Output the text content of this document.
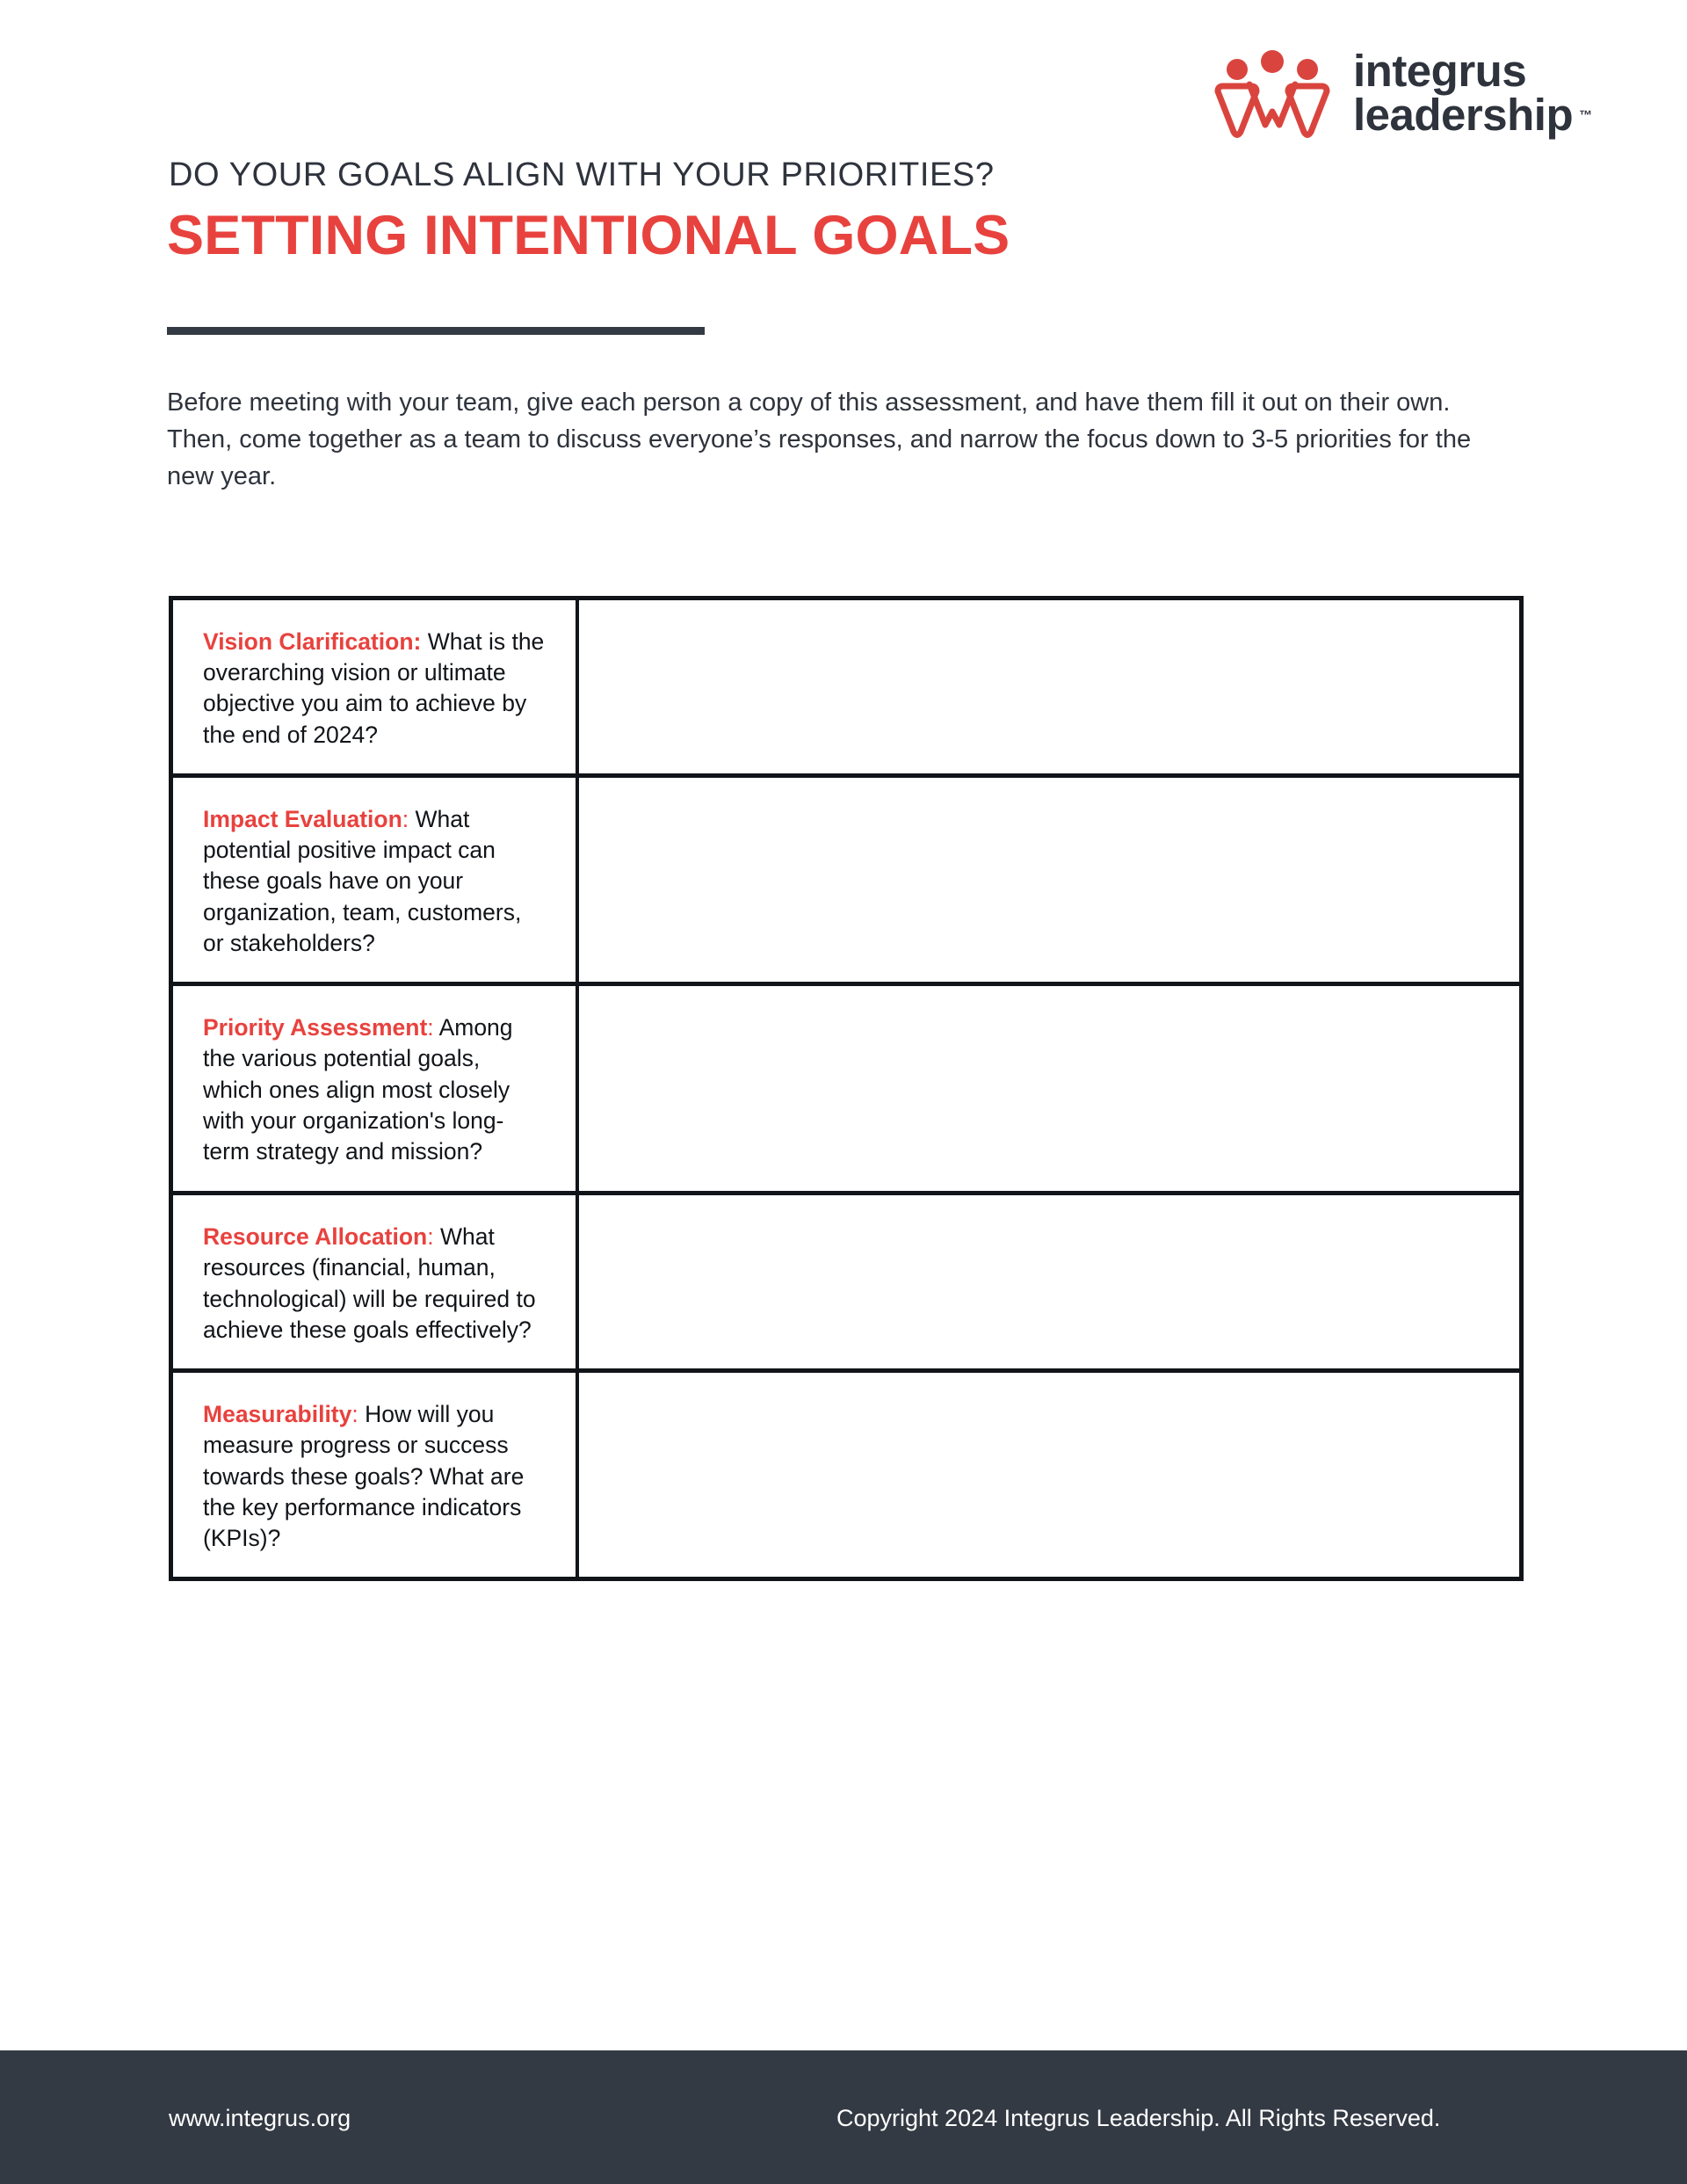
integrus
leadership ™
DO YOUR GOALS ALIGN WITH YOUR PRIORITIES?
SETTING INTENTIONAL GOALS
Before meeting with your team, give each person a copy of this assessment, and have them fill it out on their own. Then, come together as a team to discuss everyone’s responses, and narrow the focus down to 3-5 priorities for the new year.
Vision Clarification: What is the overarching vision or ultimate objective you aim to achieve by the end of 2024?
Impact Evaluation: What potential positive impact can these goals have on your organization, team, customers, or stakeholders?
Priority Assessment: Among the various potential goals, which ones align most closely with your organization's long-term strategy and mission?
Resource Allocation: What resources (financial, human, technological) will be required to achieve these goals effectively?
Measurability: How will you measure progress or success towards these goals? What are the key performance indicators (KPIs)?
www.integrus.org	Copyright 2024 Integrus Leadership. All Rights Reserved.
